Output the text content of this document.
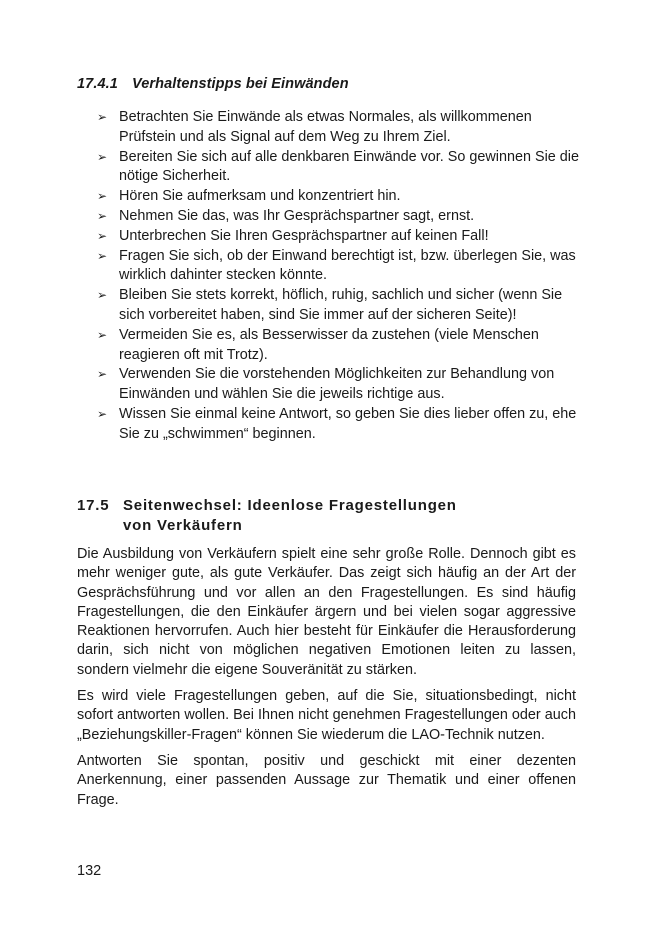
17.4.1 Verhaltenstipps bei Einwänden
➢ Betrachten Sie Einwände als etwas Normales, als willkommenen Prüfstein und als Signal auf dem Weg zu Ihrem Ziel.
➢ Bereiten Sie sich auf alle denkbaren Einwände vor. So gewinnen Sie die nötige Sicherheit.
➢ Hören Sie aufmerksam und konzentriert hin.
➢ Nehmen Sie das, was Ihr Gesprächspartner sagt, ernst.
➢ Unterbrechen Sie Ihren Gesprächspartner auf keinen Fall!
➢ Fragen Sie sich, ob der Einwand berechtigt ist, bzw. überlegen Sie, was wirklich dahinter stecken könnte.
➢ Bleiben Sie stets korrekt, höflich, ruhig, sachlich und sicher (wenn Sie sich vorbereitet haben, sind Sie immer auf der sicheren Seite)!
➢ Vermeiden Sie es, als Besserwisser da zustehen (viele Menschen reagieren oft mit Trotz).
➢ Verwenden Sie die vorstehenden Möglichkeiten zur Behandlung von Einwänden und wählen Sie die jeweils richtige aus.
➢ Wissen Sie einmal keine Antwort, so geben Sie dies lieber offen zu, ehe Sie zu „schwimmen“ beginnen.
17.5 Seitenwechsel: Ideenlose Fragestellungen
von Verkäufern

Die Ausbildung von Verkäufern spielt eine sehr große Rolle. Dennoch gibt es mehr weniger gute, als gute Verkäufer. Das zeigt sich häufig an der Art der Gesprächsführung und vor allen an den Fragestellungen. Es sind häufig Fragestellungen, die den Einkäufer ärgern und bei vielen sogar aggressive Reaktionen hervorrufen. Auch hier besteht für Einkäufer die Herausforderung darin, sich nicht von möglichen negativen Emotionen leiten zu lassen, sondern vielmehr die eigene Souveränität zu stärken.

Es wird viele Fragestellungen geben, auf die Sie, situationsbedingt, nicht sofort antworten wollen. Bei Ihnen nicht genehmen Fragestellungen oder auch „Beziehungskiller-Fragen“ können Sie wiederum die LAO-Technik nutzen.

Antworten Sie spontan, positiv und geschickt mit einer dezenten Anerkennung, einer passenden Aussage zur Thematik und einer offenen Frage.

132
